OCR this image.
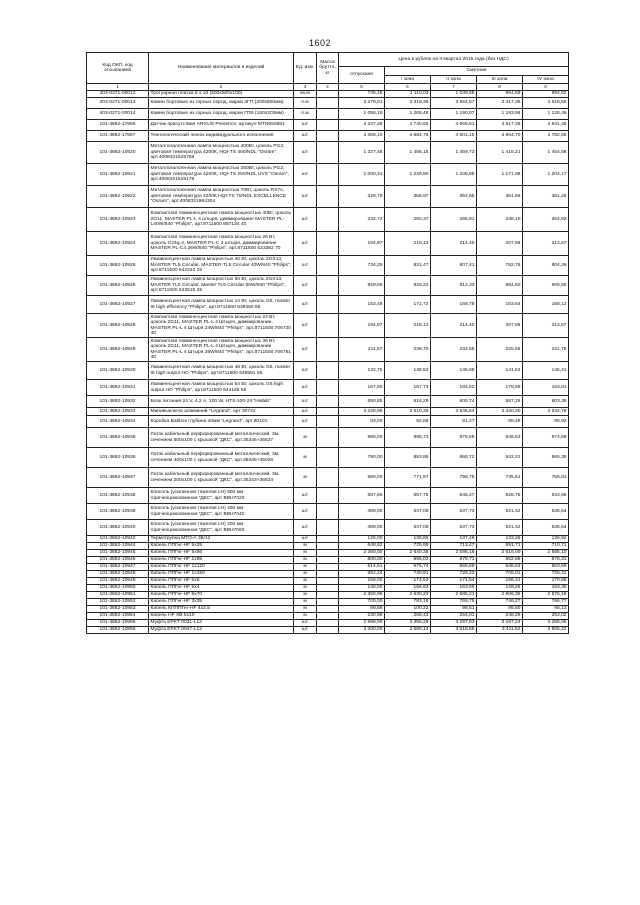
1602
Код ОКП, код отсыпанией	Наименование материалов и изделий	Ед. изм.	Масса брутто, кг	Цена в рублях на II квартал 2016 года (без НДС)				
				отпускная	Сметная			
					I зона	II зона	III зона	IV зона
1	2	3	4	5	6	7	8	9
403-0371-00012	Тротуарная плитка 5 х 10 (500х500х100)	кв.м		745,48	1 110,03	1 039,55	964,69	994,82
403-0371-00013	Камни бортовые из горных пород, марки ЗГП (200х600мм)	п.м		3 279,61	3 318,36	3 664,87	3 417,35	3 518,65
403-0371-00014	Камни бортовые из горных пород, марки ГПВ (150х203мм)	п.м		1 056,19	1 265,48	1 190,07	1 193,98	1 126,46
101-3862-17886	Датчик присутствия ARGUS Presence, артикул MTN550591	шт		4 237,29	4 740,65	4 669,51	4 517,38	4 641,45
101-3862-17887	Технологический люнок индивидуального исполнения	шт		4 366,10	4 684,76	4 601,15	4 654,70	4 782,55
101-3862-10920	Металлогалогенная лампа мощностью 400Вт, цоколь PG2, цветовая температура 4200К, HQI-TS 400/NDL "Osram", арт.4008321525758	шт		1 327,46	1 465,15	1 459,73	1 415,21	1 454,08
101-3862-10921	Металлогалогенная лампа мощностью 250Вт, цоколь PG2, цветовая температура 4200К, HQI-TS 250/NDL UVS "Osram", арт.4008321525178	шт		1 000,31	1 229,90	1 208,85	1 171,98	1 204,17
101-3862-10922	Металлогалогенная лампа мощностью 70Вт, цоколь RX7s, цветовая температура 4200К HQI-TS 70/NDL EXCELLENCE "Osram", арт.4008321964304	шт		329,79	368,97	362,65	351,56	361,25
101-3862-10923	Компактная люминесцентная лампа мощностью 40Вт, цоколь 2G11, MASTER PL-L 4 штыря, диммирование MASTER PL-L40W/840 "Philips", арт.8711500 887134 40	шт		232,72	260,37	255,91	248,10	254,92
101-3862-10924	Компактная люминесцентная лампа мощностью 26 Вт, цоколь G24q-3, MASTER PL-C 4 штыря, диммирование MASTER PL-C4 26W/840 "Philips", арт.8711500 623382 70	шт		194,97	218,13	214,40	207,86	213,57
101-3862-10925	Люминесцентная лампа мощностью 40 Вт, цоколь 2GX13, MASTER TL5 Circular, MASTER TL5 Circular 40W/840 "Philips", арт.8711500 642233 25	шт		734,25	821,47	807,41	782,78	804,26
101-3862-10926	Люминесцентная лампа мощностью 60 Вт, цоколь 2GX13, MASTER TL5 Circular, Master TL5 Circular 60W/840 "Philips", арт.8711500 643615 25	шт		829,66	928,22	912,33	884,50	908,80
101-3862-10927	Люминесцентная лампа мощностью 14 Вт, цоколь G5, master t5 high efficiency "Philips", арт.8711500 639460 55	шт		153,49	171,72	168,78	163,64	168,13
101-3862-10928	Компактная люминесцентная лампа мощностью 24 Вт, цоколь 2G11, MASTER PL-L 4 Штыря, диммирование, MASTER PL-L 4 Штыря 24W/840 "Philips", арт.8711500 706720 40	шт		194,97	218,13	214,40	207,86	213,57
101-3862-10929	Компактная люминесцентная лампа мощностью 36 Вт, цоколь 2G11, MASTER PL-L 4 Штыря, диммирование MASTER PL-L 4 Штыря 36W/840 "Philips", арт.8711500 706751 40	шт		211,57	236,70	232,66	225,56	231,75
101-3862-10930	Люминесцентная лампа мощностью 49 Вт, цоколь G5, master t5 high output HO "Philips", арт.8711500 639581 55	шт		132,75	148,52	145,98	141,52	145,41
101-3862-10931	Люминесцентная лампа мощностью 54 Вт, цоколь G5,high output HO "Philips", арт.8711500 643185 55	шт		167,80	187,73	184,52	178,89	183,81
101-3862-10932	Блок питания 24 V, 4,2 А, 100 W, HTS-100-24 "Hallab"	шт		550,85	616,29	605,74	587,26	603,39
101-3862-10933	Минивыключа алюминий "Legrand", арт 30742	шт		3 228,98	3 610,39	3 546,54	3 440,30	3 534,78
101-3862-10934	Коробка Batibox глубина 40мм "Legrand", арт.80101	шт		83,00	92,86	91,27	88,49	90,92
101-3862-10935	Лоток кабельный перфорированный металлический, 3м, сечением 500х100 с крышкой "ДКС", арт.35346+35527	м		890,00	995,73	978,69	948,83	974,89
101-3862-10936	Лоток кабельный перфорированный металлический, 3м, сечением 400х100 с крышкой "ДКС", арт.35345+35026	м		790,00	883,85	868,72	842,22	865,35
101-3862-10937	Лоток кабельный перфорированный металлический, 3м, сечением 200х100 с крышкой "ДКС", арт.35343+35524	м		690,00	771,97	758,75	735,61	755,81
101-3862-10938	Консоль (усиленная тяжелая LH) 500 мм горячеоцинкованная "ДКС", арт BBH7020	шт		587,66	657,75	646,47	626,75	643,96
101-3862-10939	Консоль (усиленная тяжелая LH) 400 мм горячеоцинкованная "ДКС", арт BBH7040	шт		489,00	547,09	537,73	521,32	535,64
101-3862-10940	Консоль (усиленная тяжелая LH) 200 мм горячеоцинкованная "ДКС", арт BBH7060	шт		489,00	547,09	537,73	521,32	535,64
101-3862-10942	Термотрубка МТО-А 38/12	шт		125,00	139,85	137,46	133,26	136,92
101-3862-10944	Кабель ППГнг-HF 5х25	м		648,62	725,69	713,47	691,71	710,71
101-3862-10945	Кабель ППГнг-HF 5х95	м		2 360,00	2 640,35	2 595,16	2 516,00	2 585,10
101-3862-10946	Кабель ППГнг-HF 1х95	м		800,00	895,03	879,71	852,88	876,31
101-3862-10947	Кабель ППГнг-HF 1х120	м		514,61	575,74	565,89	548,63	563,69
101-3862-10948	Кабель ППГнг-HF 1х150	м		662,24	740,91	728,23	706,01	725,41
101-3862-10949	Кабель ППГнг-HF 5х6	м		156,00	174,53	171,54	166,31	170,88
101-3862-10950	Кабель ППГнг-HF 5х4	м		140,00	156,63	153,95	149,25	153,35
101-3862-10951	Кабель ППГнг-HF 5х70	м		2 350,95	2 630,23	2 585,21	2 506,35	2 575,19
101-3862-10952	Кабель ППГнг-HF 3х35	м		700,00	783,15	769,75	746,27	766,77
101-3862-10953	Кабель КПППГнг-HF 4х2,5	м		89,58	100,22	98,51	95,50	98,13
101-3862-10954	Кабель HF XB 5х10	м		230,99	258,43	254,01	246,26	253,02
101-3862-10955	Муфта EPKT 0031-L12	шт		2 998,00	3 356,28	3 297,83	3 197,24	3 285,05
101-3862-10956	Муфта EPKT 0047-L12	шт		3 200,00	3 580,14	3 518,85	3 411,52	3 505,22
